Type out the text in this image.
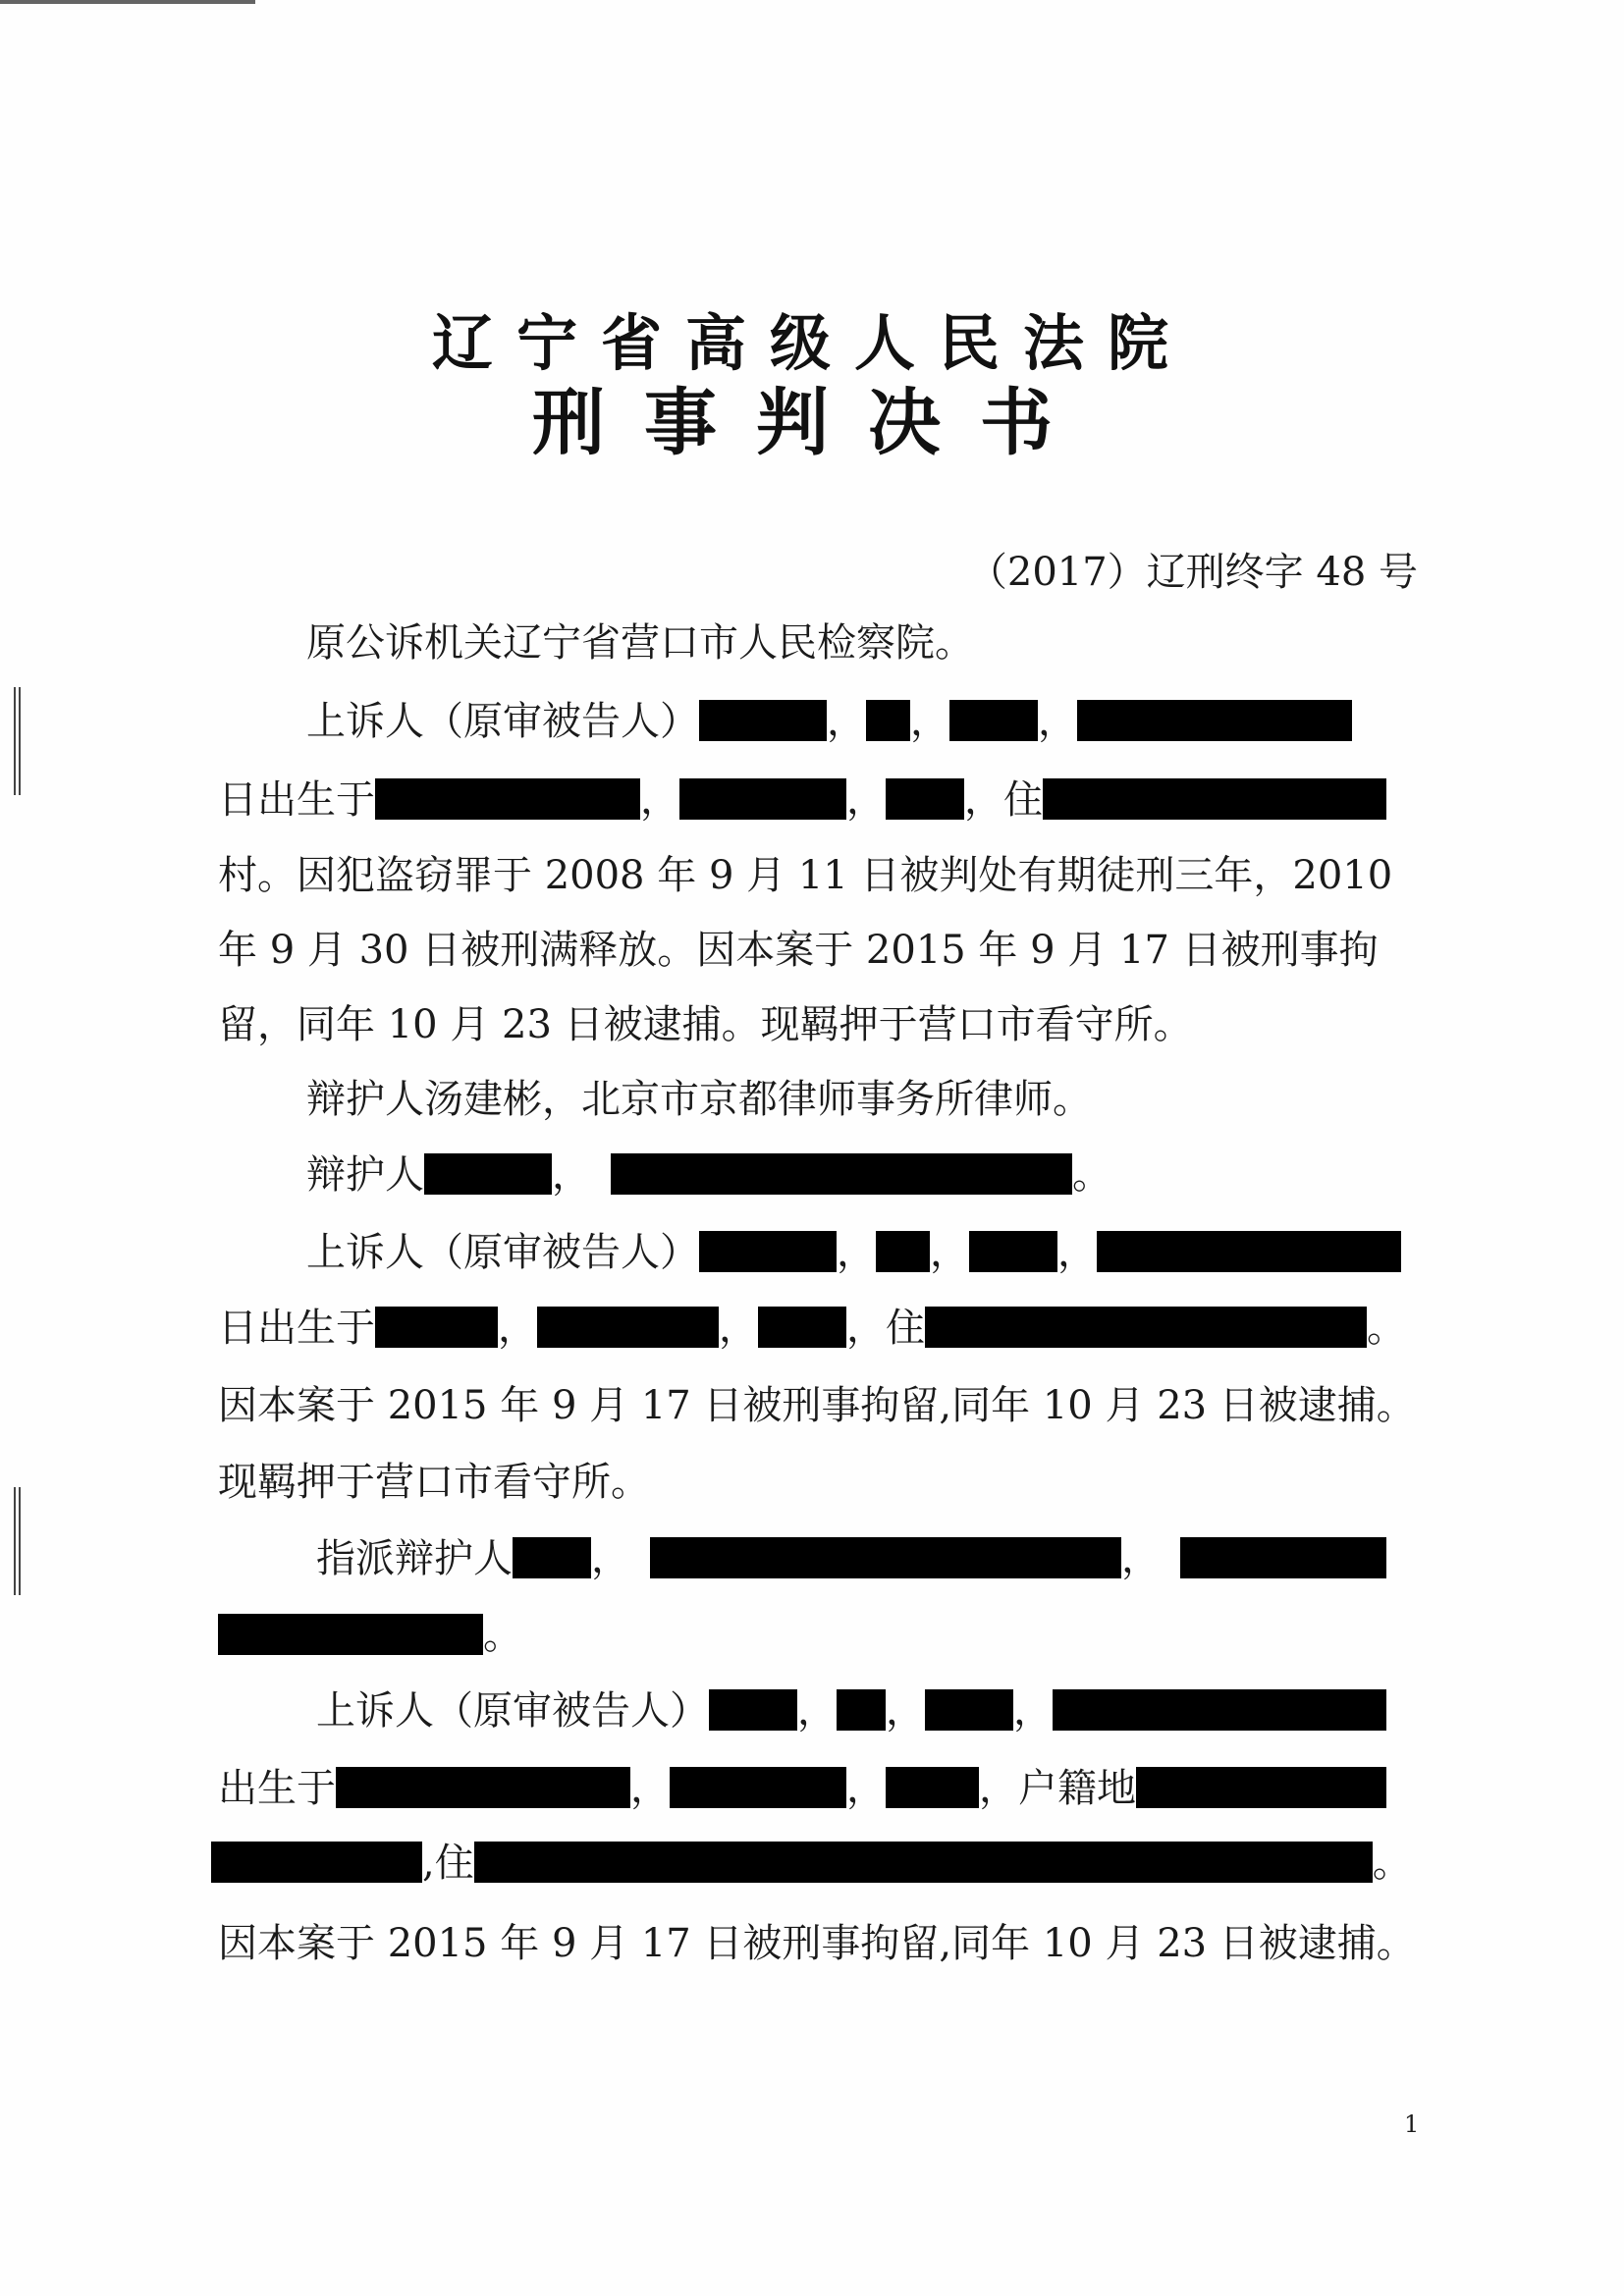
辽宁省高级人民法院
刑事判决书
（2017）辽刑终字 48 号
原公诉机关辽宁省营口市人民检察院。
上诉人（原审被告人）	， ， ，
日出生于	，	， ，住
村。因犯盗窃罪于 2008 年 9 月 11 日被判处有期徒刑三年，2010
年 9 月 30 日被刑满释放。因本案于 2015 年 9 月 17 日被刑事拘
留，同年 10 月 23 日被逮捕。现羁押于营口市看守所。
辩护人汤建彬，北京市京都律师事务所律师。
辩护人	，	。
上诉人（原审被告人）	， ， ，
日出生于	，	， ，住	。
因本案于 2015 年 9 月 17 日被刑事拘留,同年 10 月 23 日被逮捕。
现羁押于营口市看守所。
指派辩护人 ，	，
。
上诉人（原审被告人） ， ， ，
出生于	，	， ，户籍地
,住	。
因本案于 2015 年 9 月 17 日被刑事拘留,同年 10 月 23 日被逮捕。
1
